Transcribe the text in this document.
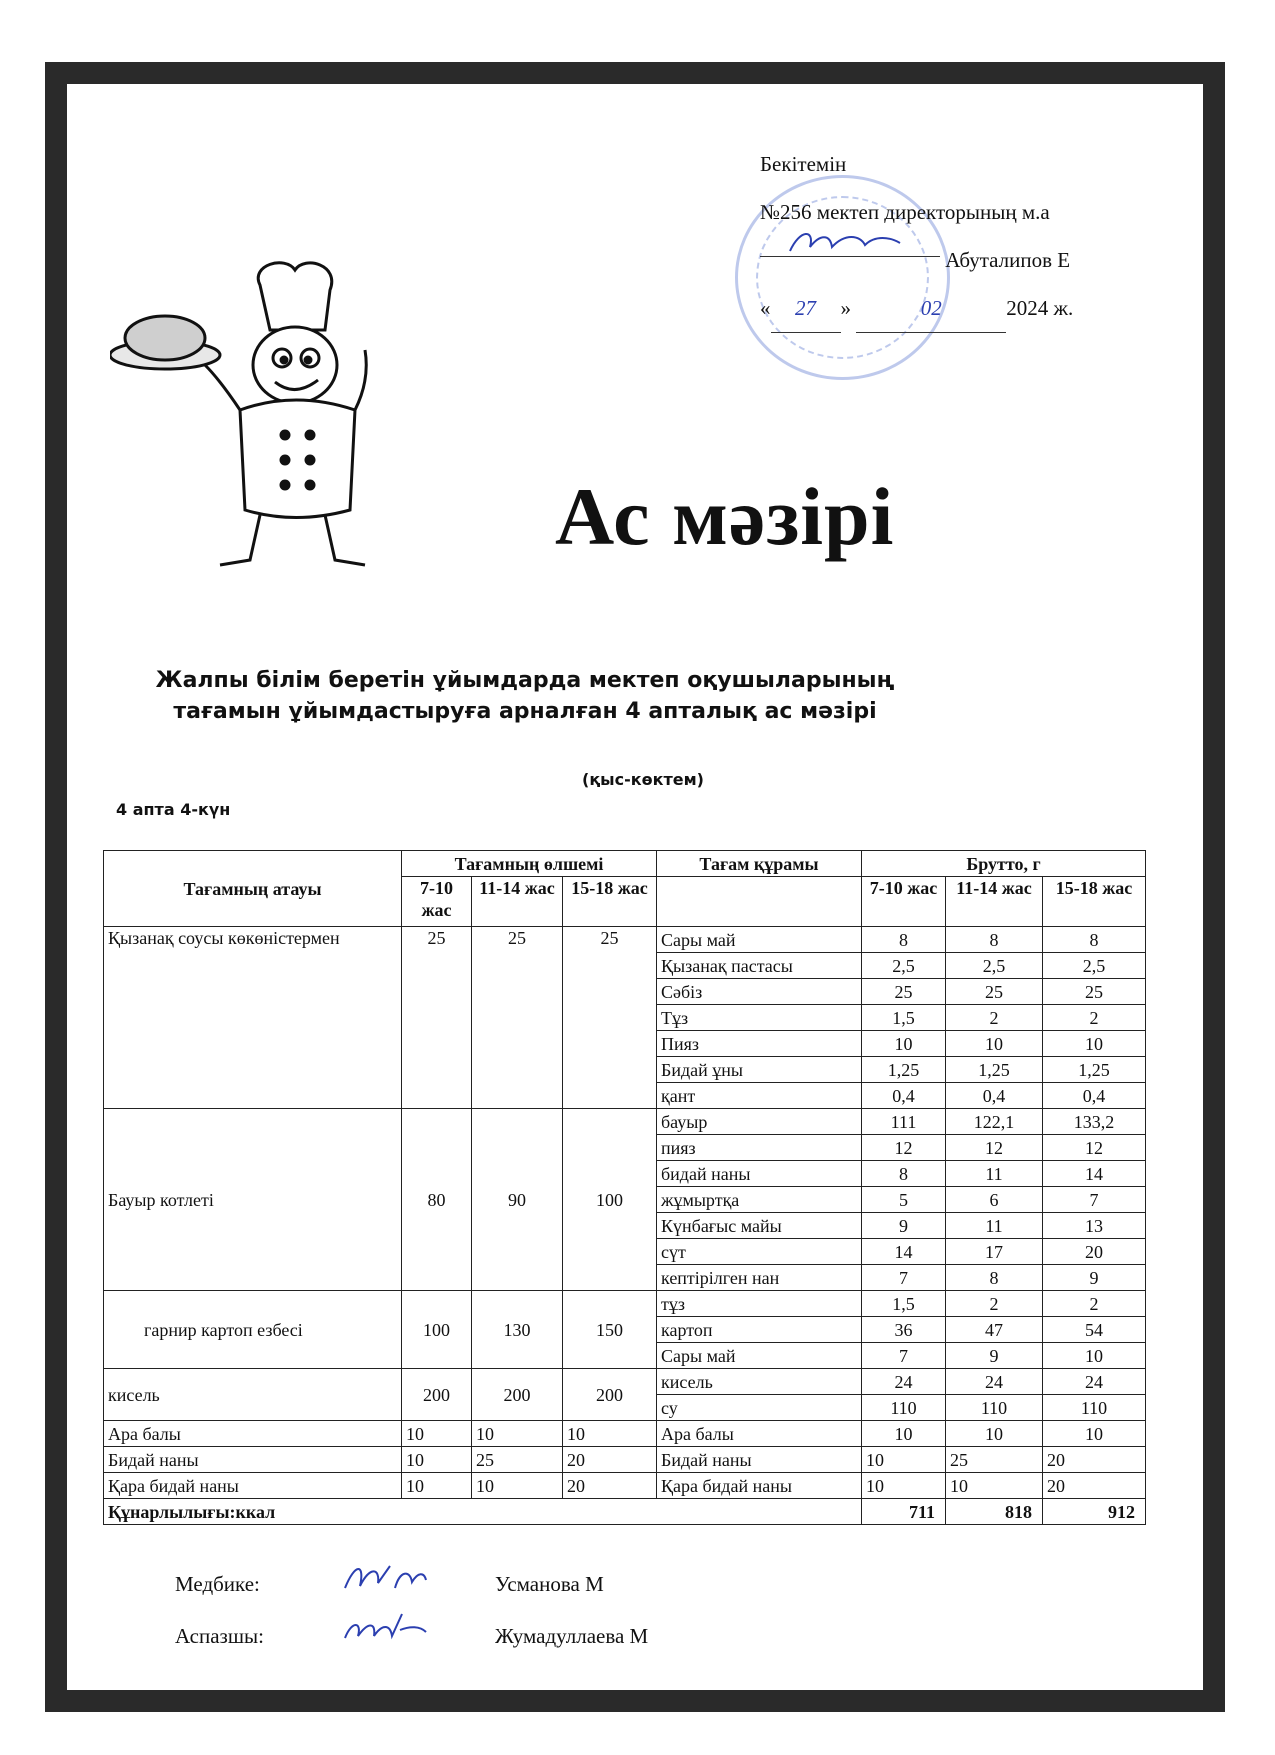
Бекітемін
№256 мектеп директорының м.а
Абуталипов Е
« 27 »	02	2024 ж.
Ас мәзірі
Жалпы білім беретін ұйымдарда мектеп оқушыларының тағамын ұйымдастыруға арналған 4 апталық ас мәзірі
(қыс-көктем)
4 апта 4-күн
Тағамның атауы	Тағамның өлшемі			Тағам құрамы	Брутто, г		
	7-10 жас	11-14 жас	15-18 жас		7-10 жас	11-14 жас	15-18 жас
Қызанақ соусы көкөністермен	25	25	25	Сары май	8	8	8
				Қызанақ пастасы	2,5	2,5	2,5
				Сәбіз	25	25	25
				Тұз	1,5	2	2
				Пияз	10	10	10
				Бидай ұны	1,25	1,25	1,25
				қант	0,4	0,4	0,4
Бауыр котлеті	80	90	100	бауыр	111	122,1	133,2
				пияз	12	12	12
				бидай наны	8	11	14
				жұмыртқа	5	6	7
				Күнбағыс майы	9	11	13
				сүт	14	17	20
				кептірілген нан	7	8	9
гарнир картоп езбесі	100	130	150	тұз	1,5	2	2
				картоп	36	47	54
				Сары май	7	9	10
кисель	200	200	200	кисель	24	24	24
				су	110	110	110
Ара балы	10	10	10	Ара балы	10	10	10
Бидай наны	10	25	20	Бидай наны	10	25	20
Қара бидай наны	10	10	20	Қара бидай наны	10	10	20
Құнарлылығы:ккал					711	818	912
Медбике:	Усманова М
Аспазшы:	Жумадуллаева М
